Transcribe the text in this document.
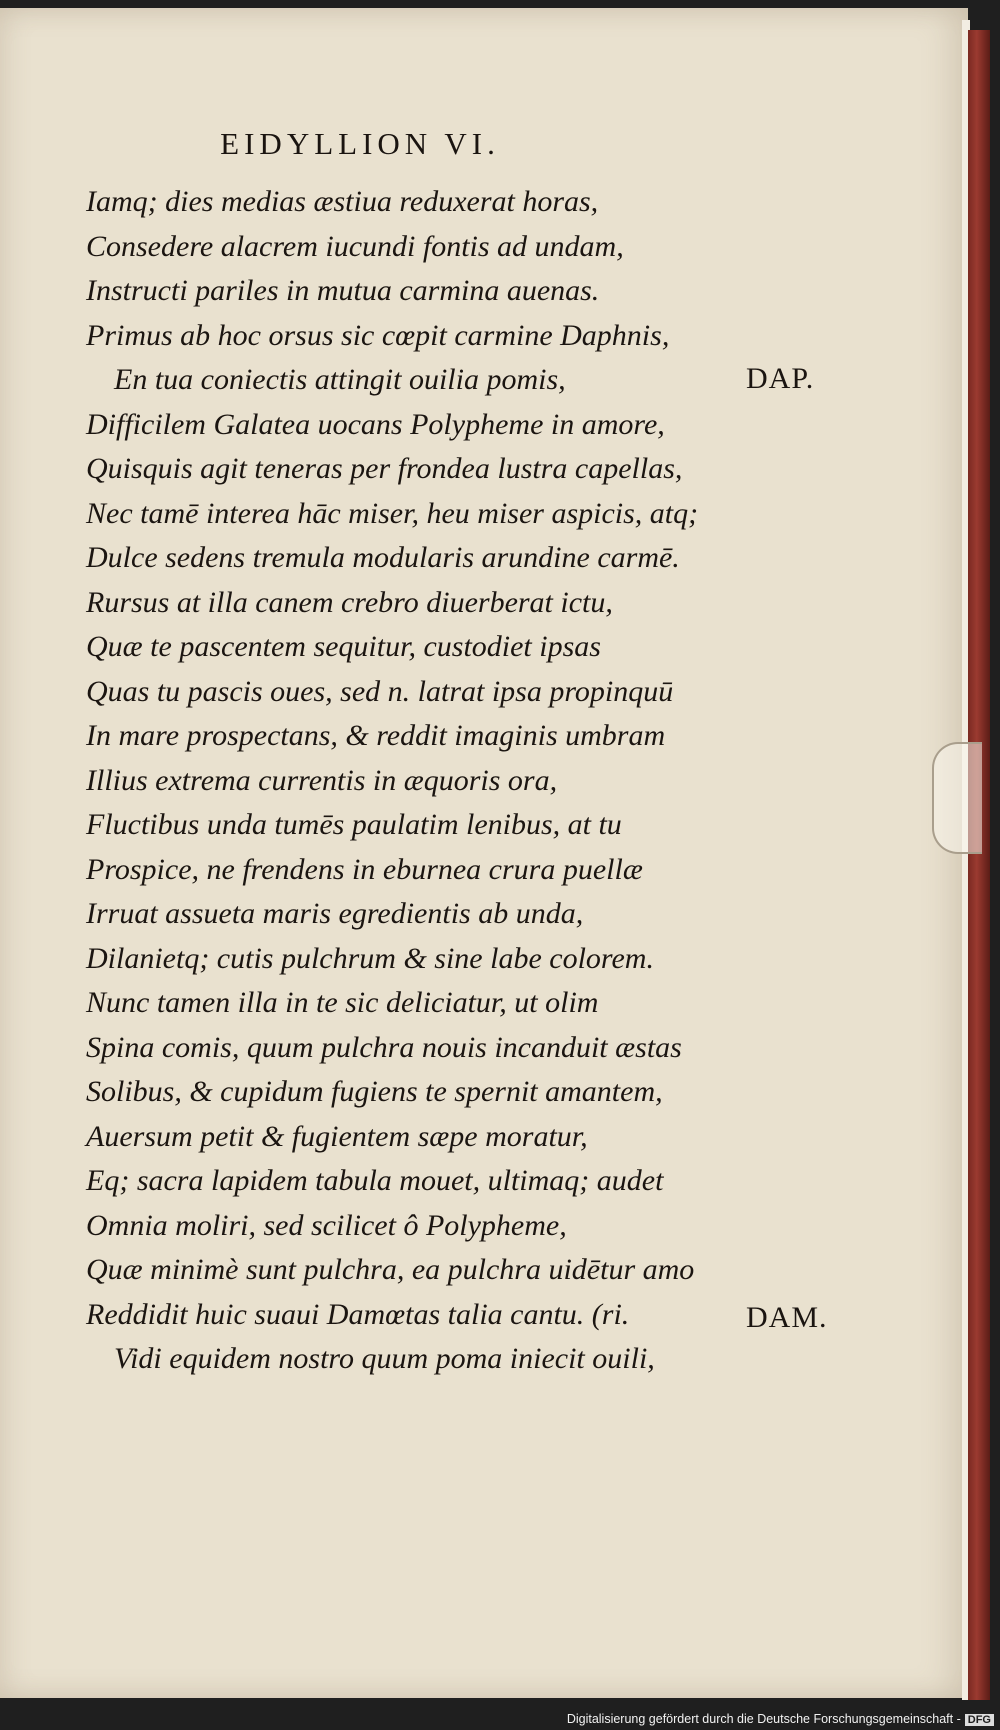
EIDYLLION VI.
Iamq; dies medias æstiua reduxerat horas,
Consedere alacrem iucundi fontis ad undam,
Instructi pariles in mutua carmina auenas.
Primus ab hoc orsus sic cœpit carmine Daphnis,
En tua coniectis attingit ouilia pomis,
Difficilem Galatea uocans Polypheme in amore,
Quisquis agit teneras per frondea lustra capellas,
Nec tamē interea hāc miser, heu miser aspicis, atq;
Dulce sedens tremula modularis arundine carmē.
Rursus at illa canem crebro diuerberat ictu,
Quæ te pascentem sequitur, custodiet ipsas
Quas tu pascis oues, sed n. latrat ipsa propinquū
In mare prospectans, & reddit imaginis umbram
Illius extrema currentis in æquoris ora,
Fluctibus unda tumēs paulatim lenibus, at tu
Prospice, ne frendens in eburnea crura puellæ
Irruat assueta maris egredientis ab unda,
Dilanietq; cutis pulchrum & sine labe colorem.
Nunc tamen illa in te sic deliciatur, ut olim
Spina comis, quum pulchra nouis incanduit æstas
Solibus, & cupidum fugiens te spernit amantem,
Auersum petit & fugientem sæpe moratur,
Eq; sacra lapidem tabula mouet, ultimaq; audet
Omnia moliri, sed scilicet ô Polypheme,
Quæ minimè sunt pulchra, ea pulchra uidētur amo
Reddidit huic suaui Damœtas talia cantu. (ri.
Vidi equidem nostro quum poma iniecit ouili,
DAP.
DAM.
Digitalisierung gefördert durch die Deutsche Forschungsgemeinschaft - DFG
